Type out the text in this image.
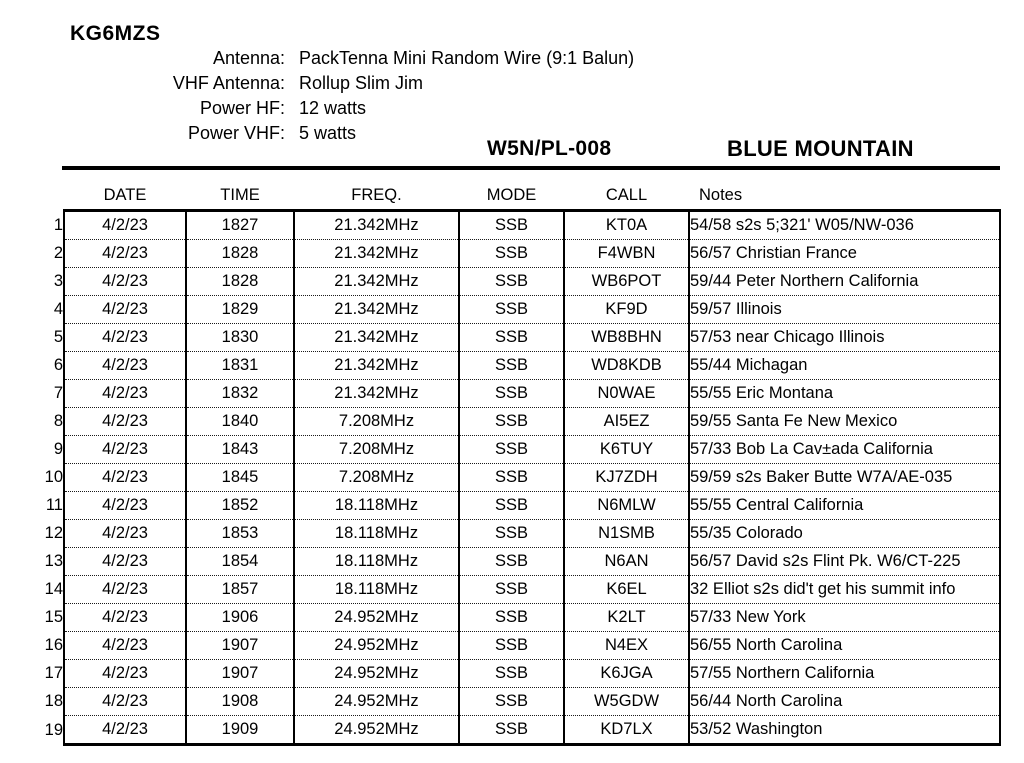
KG6MZS
Antenna: PackTenna Mini Random Wire (9:1 Balun)
VHF Antenna: Rollup Slim Jim
Power HF: 12 watts
Power VHF: 5 watts
W5N/PL-008	BLUE MOUNTAIN
	DATE	TIME	FREQ.	MODE	CALL	Notes

1	4/2/23	1827	21.342MHz	SSB	KT0A	54/58 s2s 5;321' W05/NW-036
2	4/2/23	1828	21.342MHz	SSB	F4WBN	56/57 Christian France
3	4/2/23	1828	21.342MHz	SSB	WB6POT	59/44 Peter Northern California
4	4/2/23	1829	21.342MHz	SSB	KF9D	59/57 Illinois
5	4/2/23	1830	21.342MHz	SSB	WB8BHN	57/53 near Chicago Illinois
6	4/2/23	1831	21.342MHz	SSB	WD8KDB	55/44 Michagan
7	4/2/23	1832	21.342MHz	SSB	N0WAE	55/55 Eric Montana
8	4/2/23	1840	7.208MHz	SSB	AI5EZ	59/55 Santa Fe New Mexico
9	4/2/23	1843	7.208MHz	SSB	K6TUY	57/33 Bob La Cav±ada California
10	4/2/23	1845	7.208MHz	SSB	KJ7ZDH	59/59 s2s Baker Butte W7A/AE-035
11	4/2/23	1852	18.118MHz	SSB	N6MLW	55/55 Central California
12	4/2/23	1853	18.118MHz	SSB	N1SMB	55/35 Colorado
13	4/2/23	1854	18.118MHz	SSB	N6AN	56/57 David s2s Flint Pk. W6/CT-225
14	4/2/23	1857	18.118MHz	SSB	K6EL	32 Elliot s2s did't get his summit info
15	4/2/23	1906	24.952MHz	SSB	K2LT	57/33 New York
16	4/2/23	1907	24.952MHz	SSB	N4EX	56/55 North Carolina
17	4/2/23	1907	24.952MHz	SSB	K6JGA	57/55 Northern California
18	4/2/23	1908	24.952MHz	SSB	W5GDW	56/44 North Carolina
19	4/2/23	1909	24.952MHz	SSB	KD7LX	53/52 Washington
